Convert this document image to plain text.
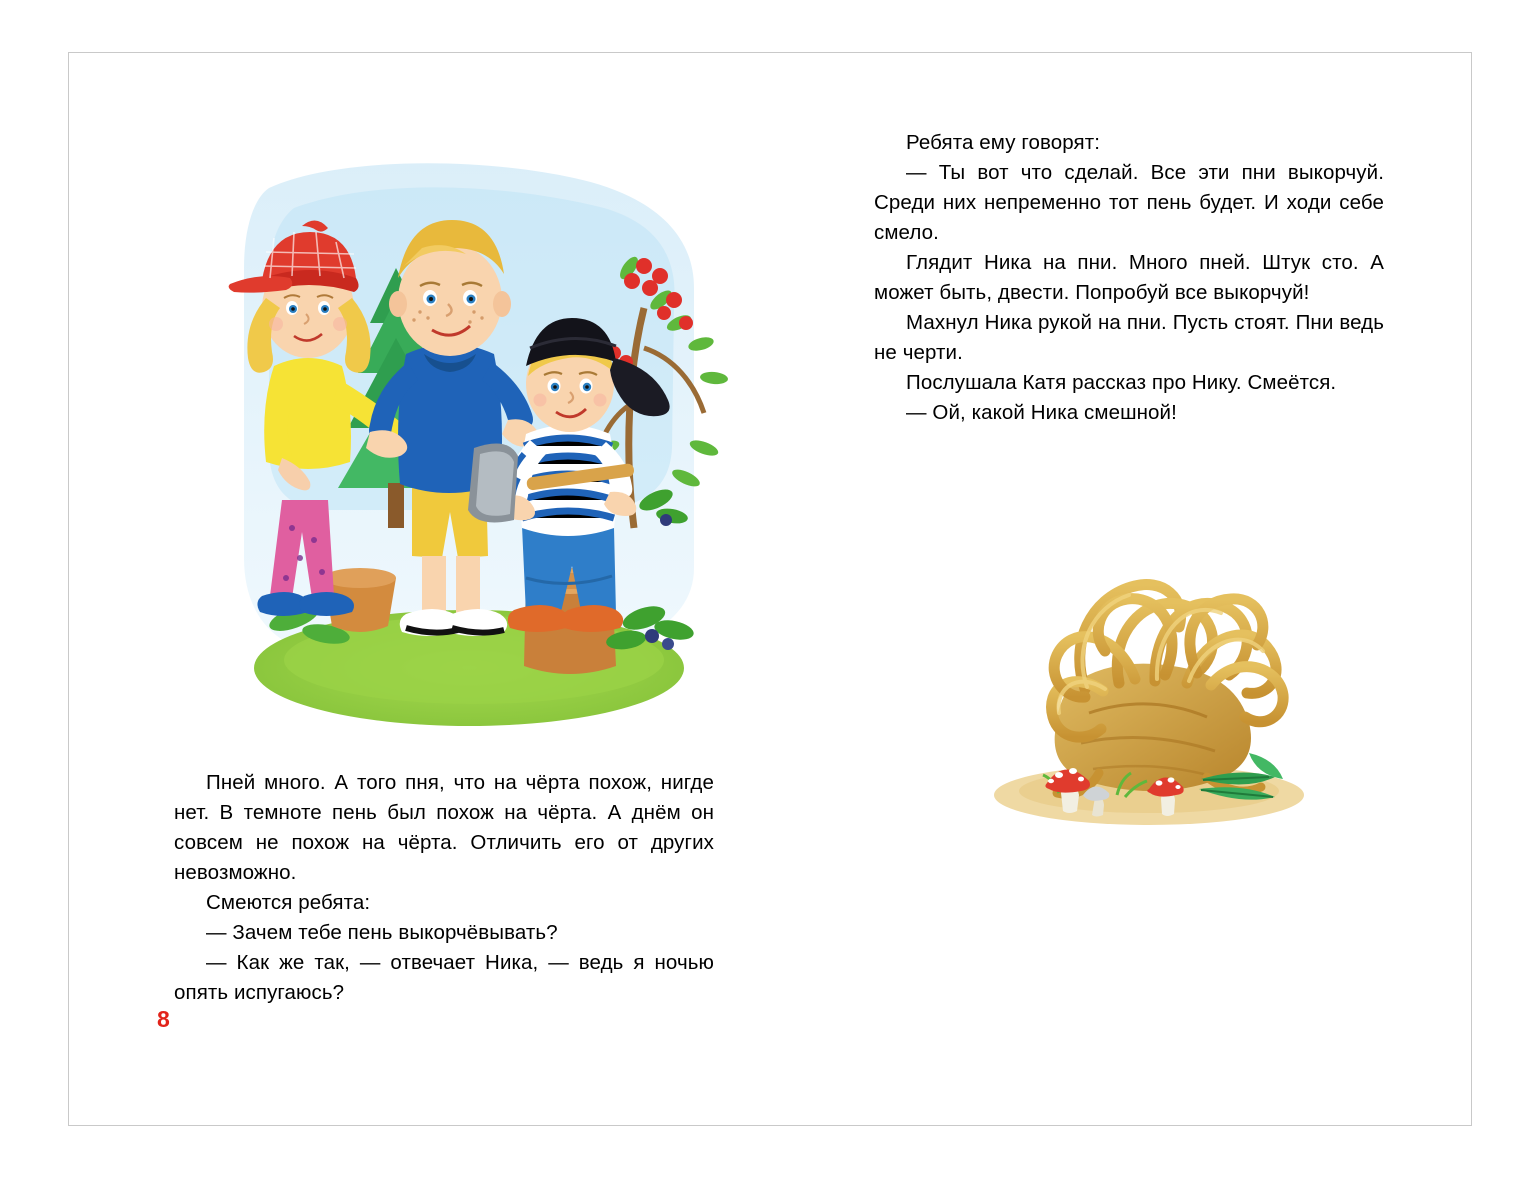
Пней много. А того пня, что на чёрта похож, нигде нет. В темноте пень был похож на чёрта. А днём он совсем не похож на чёрта. Отличить его от других невозможно.

Смеются ребята:

— Зачем тебе пень выкорчёвывать?

— Как же так, — отвечает Ника, — ведь я ночью опять испугаюсь?

Ребята ему говорят:

— Ты вот что сделай. Все эти пни выкорчуй. Среди них непременно тот пень будет. И ходи себе смело.

Глядит Ника на пни. Много пней. Штук сто. А может быть, двести. Попробуй все выкорчуй!

Махнул Ника рукой на пни. Пусть стоят. Пни ведь не черти.

Послушала Катя рассказ про Нику. Смеётся.

— Ой, какой Ника смешной!

8
